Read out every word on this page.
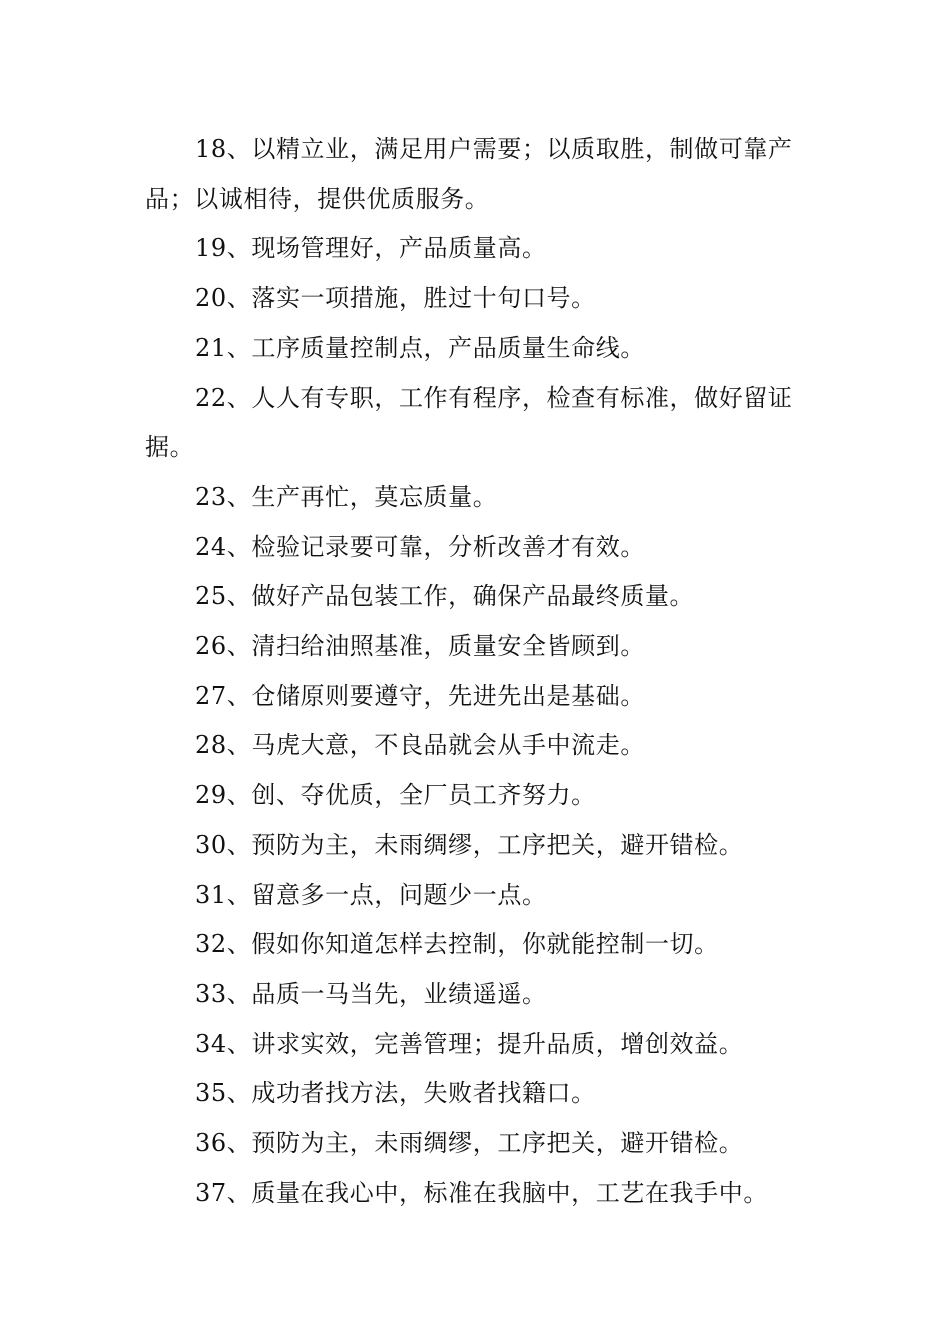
18、以精立业，满足用户需要；以质取胜，制做可靠产品；以诚相待，提供优质服务。

19、现场管理好，产品质量高。

20、落实一项措施，胜过十句口号。

21、工序质量控制点，产品质量生命线。

22、人人有专职，工作有程序，检查有标准，做好留证据。

23、生产再忙，莫忘质量。

24、检验记录要可靠，分析改善才有效。

25、做好产品包装工作，确保产品最终质量。

26、清扫给油照基准，质量安全皆顾到。

27、仓储原则要遵守，先进先出是基础。

28、马虎大意，不良品就会从手中流走。

29、创、夺优质，全厂员工齐努力。

30、预防为主，未雨绸缪，工序把关，避开错检。

31、留意多一点，问题少一点。

32、假如你知道怎样去控制，你就能控制一切。

33、品质一马当先，业绩遥遥。

34、讲求实效，完善管理；提升品质，增创效益。

35、成功者找方法，失败者找籍口。

36、预防为主，未雨绸缪，工序把关，避开错检。

37、质量在我心中，标准在我脑中，工艺在我手中。
